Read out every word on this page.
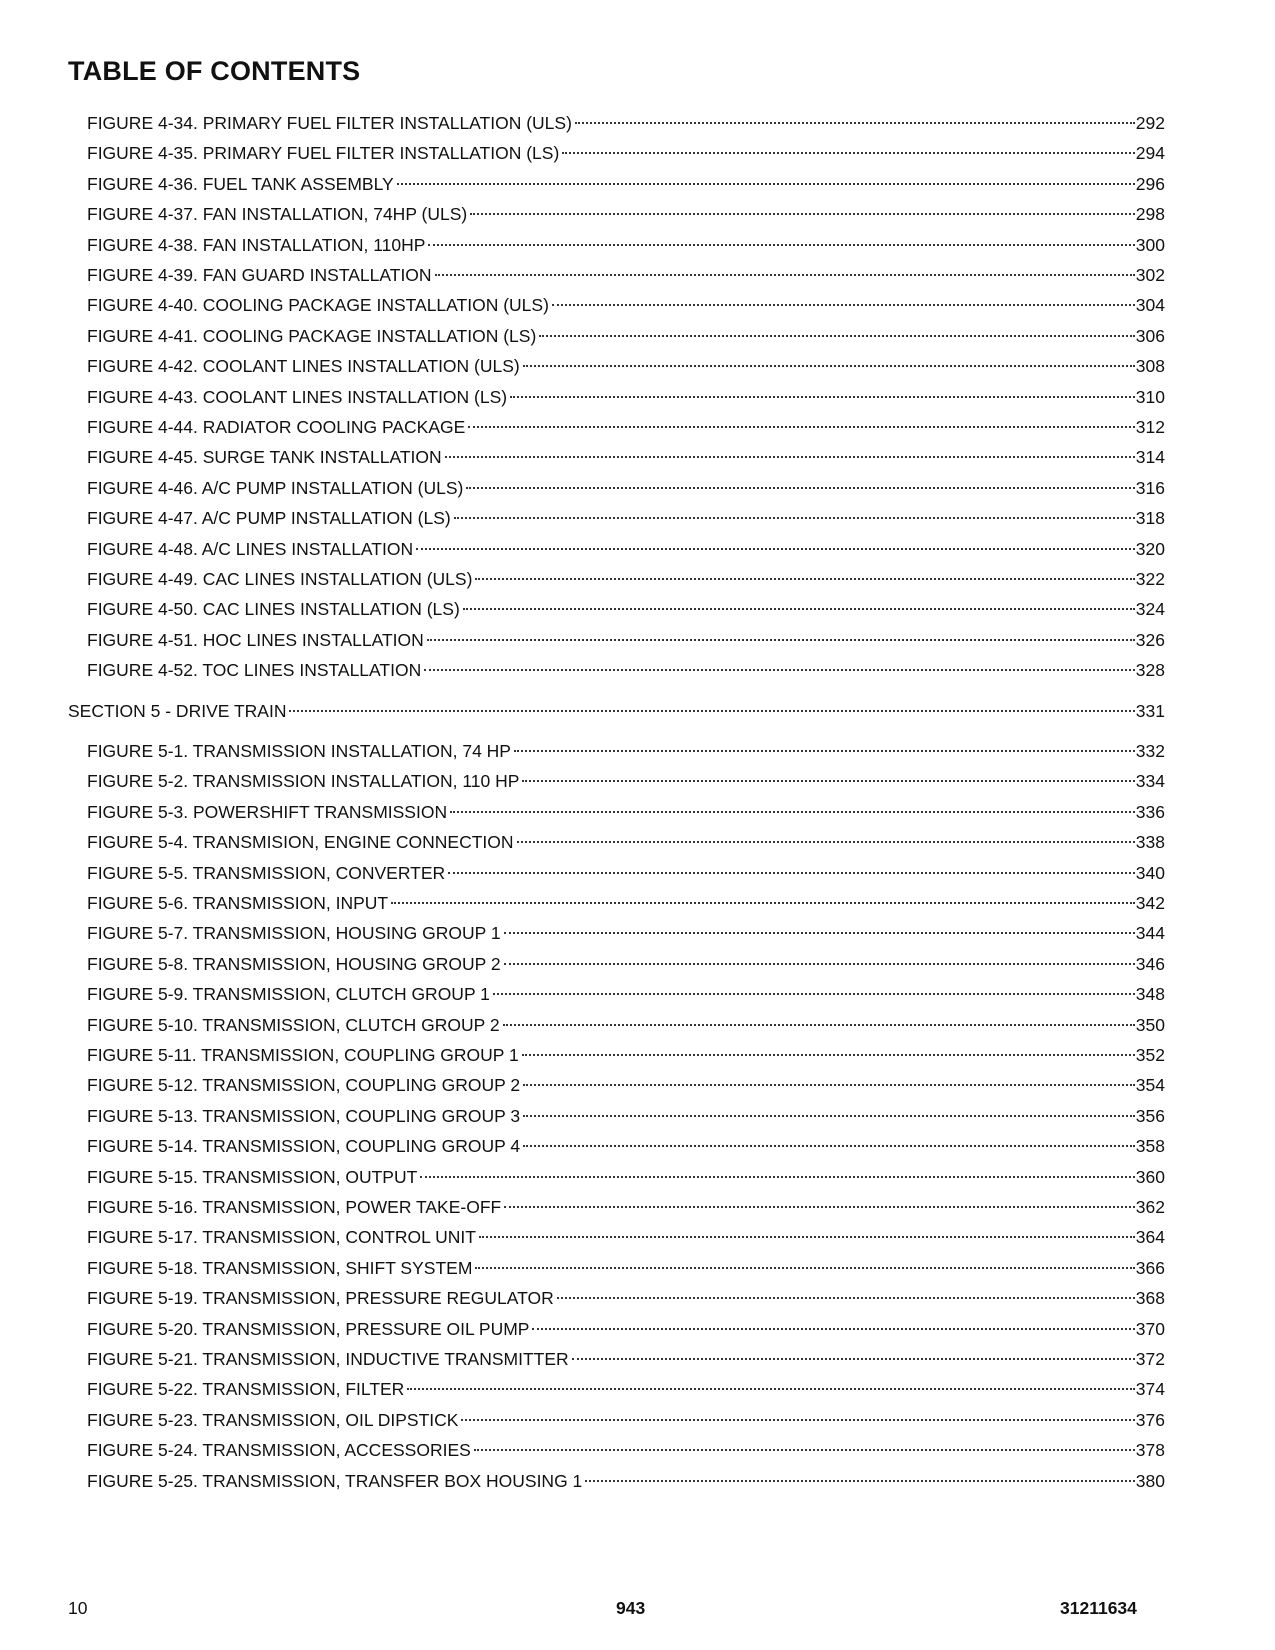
TABLE OF CONTENTS
FIGURE 4-34. PRIMARY FUEL FILTER INSTALLATION (ULS)	292
FIGURE 4-35. PRIMARY FUEL FILTER INSTALLATION (LS)	294
FIGURE 4-36. FUEL TANK ASSEMBLY	296
FIGURE 4-37. FAN INSTALLATION, 74HP (ULS)	298
FIGURE 4-38. FAN INSTALLATION, 110HP	300
FIGURE 4-39. FAN GUARD INSTALLATION	302
FIGURE 4-40. COOLING PACKAGE INSTALLATION (ULS)	304
FIGURE 4-41. COOLING PACKAGE INSTALLATION (LS)	306
FIGURE 4-42. COOLANT LINES INSTALLATION (ULS)	308
FIGURE 4-43. COOLANT LINES INSTALLATION (LS)	310
FIGURE 4-44. RADIATOR COOLING PACKAGE	312
FIGURE 4-45. SURGE TANK INSTALLATION	314
FIGURE 4-46. A/C PUMP INSTALLATION (ULS)	316
FIGURE 4-47. A/C PUMP INSTALLATION (LS)	318
FIGURE 4-48. A/C LINES INSTALLATION	320
FIGURE 4-49. CAC LINES INSTALLATION (ULS)	322
FIGURE 4-50. CAC LINES INSTALLATION (LS)	324
FIGURE 4-51. HOC LINES INSTALLATION	326
FIGURE 4-52. TOC LINES INSTALLATION	328
SECTION 5 - DRIVE TRAIN	331
FIGURE 5-1. TRANSMISSION INSTALLATION, 74 HP	332
FIGURE 5-2. TRANSMISSION INSTALLATION, 110 HP	334
FIGURE 5-3. POWERSHIFT TRANSMISSION	336
FIGURE 5-4. TRANSMISION, ENGINE CONNECTION	338
FIGURE 5-5. TRANSMISSION, CONVERTER	340
FIGURE 5-6. TRANSMISSION, INPUT	342
FIGURE 5-7. TRANSMISSION, HOUSING GROUP 1	344
FIGURE 5-8. TRANSMISSION, HOUSING GROUP 2	346
FIGURE 5-9. TRANSMISSION, CLUTCH GROUP 1	348
FIGURE 5-10. TRANSMISSION, CLUTCH GROUP 2	350
FIGURE 5-11. TRANSMISSION, COUPLING GROUP 1	352
FIGURE 5-12. TRANSMISSION, COUPLING GROUP 2	354
FIGURE 5-13. TRANSMISSION, COUPLING GROUP 3	356
FIGURE 5-14. TRANSMISSION, COUPLING GROUP 4	358
FIGURE 5-15. TRANSMISSION, OUTPUT	360
FIGURE 5-16. TRANSMISSION, POWER TAKE-OFF	362
FIGURE 5-17. TRANSMISSION, CONTROL UNIT	364
FIGURE 5-18. TRANSMISSION, SHIFT SYSTEM	366
FIGURE 5-19. TRANSMISSION, PRESSURE REGULATOR	368
FIGURE 5-20. TRANSMISSION, PRESSURE OIL PUMP	370
FIGURE 5-21. TRANSMISSION, INDUCTIVE TRANSMITTER	372
FIGURE 5-22. TRANSMISSION, FILTER	374
FIGURE 5-23. TRANSMISSION, OIL DIPSTICK	376
FIGURE 5-24. TRANSMISSION, ACCESSORIES	378
FIGURE 5-25. TRANSMISSION, TRANSFER BOX HOUSING 1	380
10	943	31211634
